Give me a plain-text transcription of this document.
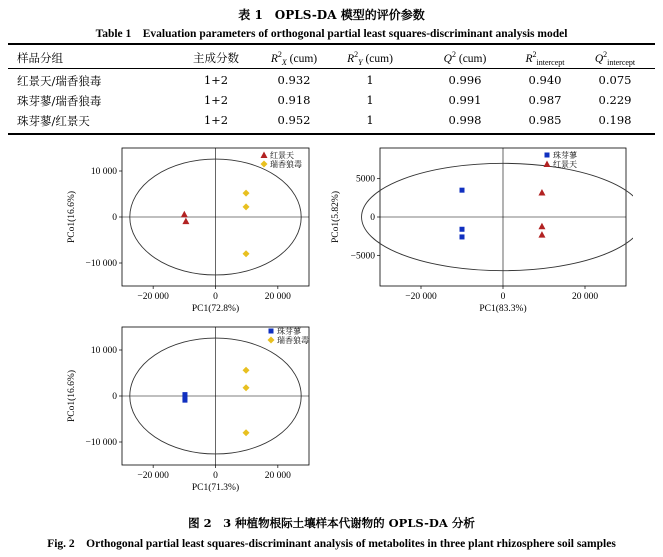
表 1　OPLS-DA 模型的评价参数
Table 1　Evaluation parameters of orthogonal partial least squares-discriminant analysis model
样品分组	主成分数	$R^2_X$ (cum)	$R^2_Y$ (cum)	$Q^2$ (cum)	$R^2_{intercept}$	$Q^2_{intercept}$
红景天/瑞香狼毒	1+2	0.932	1	0.996	0.940	0.075
珠芽蓼/瑞香狼毒	1+2	0.918	1	0.991	0.987	0.229
珠芽蓼/红景天	1+2	0.952	1	0.998	0.985	0.198
−20 000	0	20 000
10 000
0
−10 000
PC1(72.8%)
PCo1(16.6%)
红景天
瑞香狼毒
−20 000	0	20 000
5000
0
−5000
PC1(83.3%)
PCo1(5.82%)
珠芽蓼
红景天
−20 000	0	20 000
10 000
0
−10 000
PC1(71.3%)
PCo1(16.6%)
珠芽蓼
瑞香狼毒
图 2　3 种植物根际土壤样本代谢物的 OPLS-DA 分析
Fig. 2　Orthogonal partial least squares-discriminant analysis of metabolites in three plant rhizosphere soil samples
